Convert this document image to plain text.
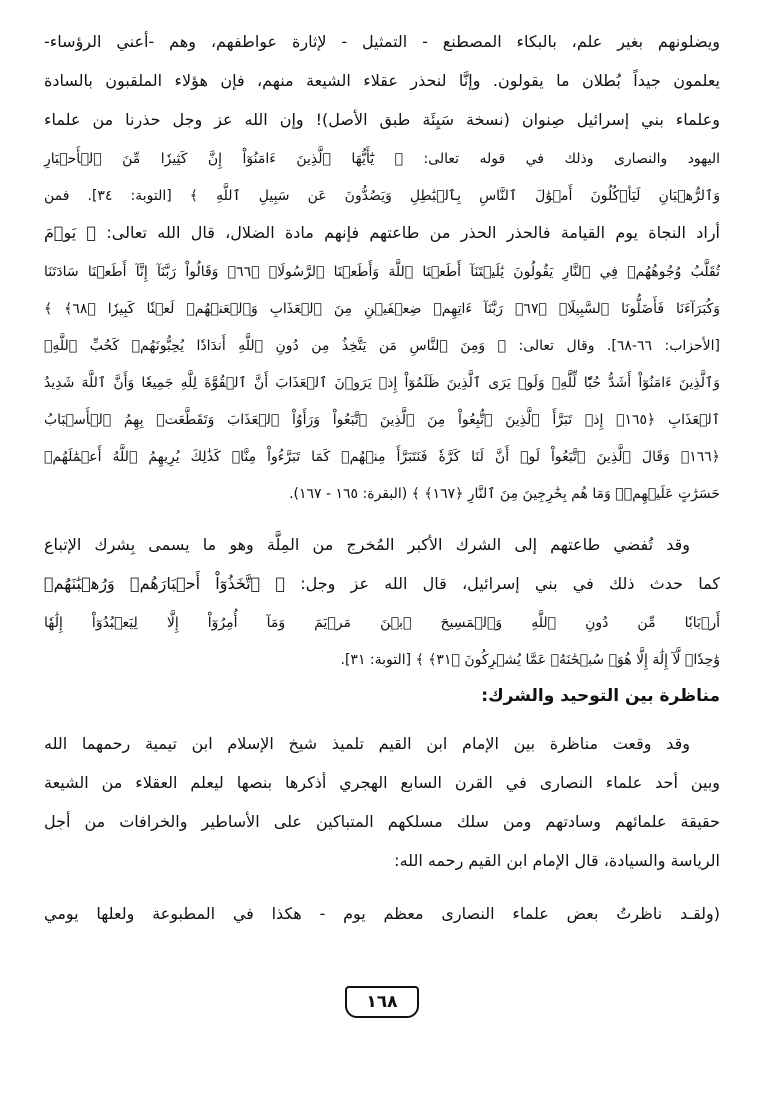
ويضلونهم بغير علم، بالبكاء المصطنع - التمثيل - لإثارة عواطفهم، وهم -أعني الرؤساء-
يعلمون جيداً بُطلان ما يقولون. وإنَّا لنحذر عقلاء الشيعة منهم، فإن هؤلاء الملقبون بالسادة
وعلماء بني إسرائيل صِنوان (نسخة سَيِئَة طبق الأصل)! وإن الله عز وجل حذرنا من علماء
اليهود والنصارى وذلك في قوله تعالى: ﴿ يَٰٓأَيُّهَا ٱلَّذِينَ ءَامَنُوٓاْ إِنَّ كَثِيرٗا مِّنَ ٱلۡأَحۡبَارِ
وَٱلرُّهۡبَانِ لَيَأۡكُلُونَ أَمۡوَٰلَ ٱلنَّاسِ بِٱلۡبَٰطِلِ وَيَصُدُّونَ عَن سَبِيلِ ٱللَّهِ ﴾ [التوبة: ٣٤]. فمن
أراد النجاة يوم القيامة فالحذر الحذر من طاعتهم فإنهم مادة الضلال، قال الله تعالى: ﴿ يَوۡمَ
تُقَلَّبُ وُجُوهُهُمۡ فِي ٱلنَّارِ يَقُولُونَ يَٰلَيۡتَنَآ أَطَعۡنَا ٱللَّهَ وَأَطَعۡنَا ٱلرَّسُولَا۠ ﴿٦٦﴾ وَقَالُواْ رَبَّنَآ إِنَّآ أَطَعۡنَا سَادَتَنَا
وَكُبَرَآءَنَا فَأَضَلُّونَا ٱلسَّبِيلَا۠ ﴿٦٧﴾ رَبَّنَآ ءَاتِهِمۡ ضِعۡفَيۡنِ مِنَ ٱلۡعَذَابِ وَٱلۡعَنۡهُمۡ لَعۡنٗا كَبِيرٗا ﴿٦٨﴾ ﴾
[الأحزاب: ٦٦-٦٨]. وقال تعالى: ﴿ وَمِنَ ٱلنَّاسِ مَن يَتَّخِذُ مِن دُونِ ٱللَّهِ أَندَادٗا يُحِبُّونَهُمۡ كَحُبِّ ٱللَّهِۖ
وَٱلَّذِينَ ءَامَنُوٓاْ أَشَدُّ حُبّٗا لِّلَّهِۗ وَلَوۡ يَرَى ٱلَّذِينَ ظَلَمُوٓاْ إِذۡ يَرَوۡنَ ٱلۡعَذَابَ أَنَّ ٱلۡقُوَّةَ لِلَّهِ جَمِيعٗا وَأَنَّ ٱللَّهَ شَدِيدُ
ٱلۡعَذَابِ ﴿١٦٥﴾ إِذۡ تَبَرَّأَ ٱلَّذِينَ ٱتُّبِعُواْ مِنَ ٱلَّذِينَ ٱتَّبَعُواْ وَرَأَوُاْ ٱلۡعَذَابَ وَتَقَطَّعَتۡ بِهِمُ ٱلۡأَسۡبَابُ
﴿١٦٦﴾ وَقَالَ ٱلَّذِينَ ٱتَّبَعُواْ لَوۡ أَنَّ لَنَا كَرَّةٗ فَنَتَبَرَّأَ مِنۡهُمۡ كَمَا تَبَرَّءُواْ مِنَّاۗ كَذَٰلِكَ يُرِيهِمُ ٱللَّهُ أَعۡمَٰلَهُمۡ
حَسَرَٰتٍ عَلَيۡهِمۡۖ وَمَا هُم بِخَٰرِجِينَ مِنَ ٱلنَّارِ ﴿١٦٧﴾ ﴾ (البقرة: ١٦٥ - ١٦٧).
وقد تُفضي طاعتهم إلى الشرك الأكبر المُخرج من المِلَّة وهو ما يسمى بِشرك الإتباع
كما حدث ذلك في بني إسرائيل، قال الله عز وجل: ﴿ ٱتَّخَذُوٓاْ أَحۡبَارَهُمۡ وَرُهۡبَٰنَهُمۡ
أَرۡبَابٗا مِّن دُونِ ٱللَّهِ وَٱلۡمَسِيحَ ٱبۡنَ مَرۡيَمَ وَمَآ أُمِرُوٓاْ إِلَّا لِيَعۡبُدُوٓاْ إِلَٰهٗا
وَٰحِدٗاۖ لَّآ إِلَٰهَ إِلَّا هُوَۚ سُبۡحَٰنَهُۥ عَمَّا يُشۡرِكُونَ ﴿٣١﴾ ﴾ [التوبة: ٣١].
مناظرة بين التوحيد والشرك:
وقد وقعت مناظرة بين الإمام ابن القيم تلميذ شيخ الإسلام ابن تيمية رحمهما الله
وبين أحد علماء النصارى في القرن السابع الهجري أذكرها بنصها ليعلم العقلاء من الشيعة
حقيقة علمائهم وسادتهم ومن سلك مسلكهم المتباكين على الأساطير والخرافات من أجل
الرياسة والسيادة، قال الإمام ابن القيم رحمه الله:
(ولقـد ناظرتُ بعض علماء النصارى معظم يوم - هكذا في المطبوعة ولعلها يومي
١٦٨
